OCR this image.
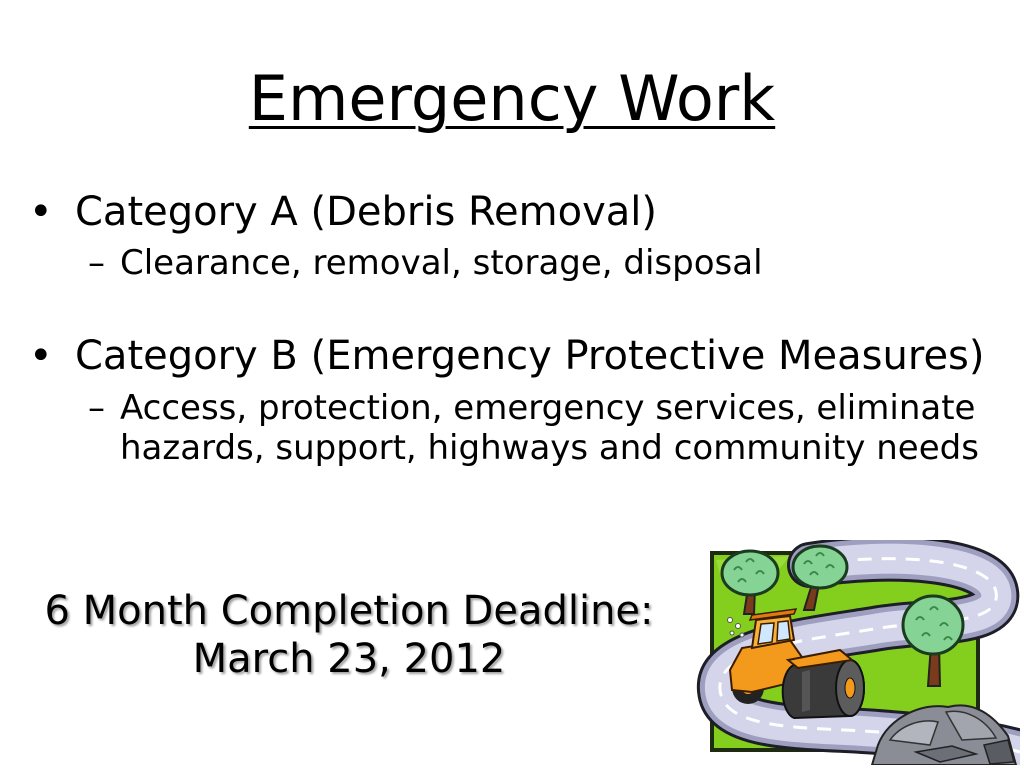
Emergency Work
• Category A (Debris Removal)
– Clearance, removal, storage, disposal
• Category B (Emergency Protective Measures)
– Access, protection, emergency services, eliminate hazards, support, highways and community needs
6 Month Completion Deadline:
March 23, 2012
